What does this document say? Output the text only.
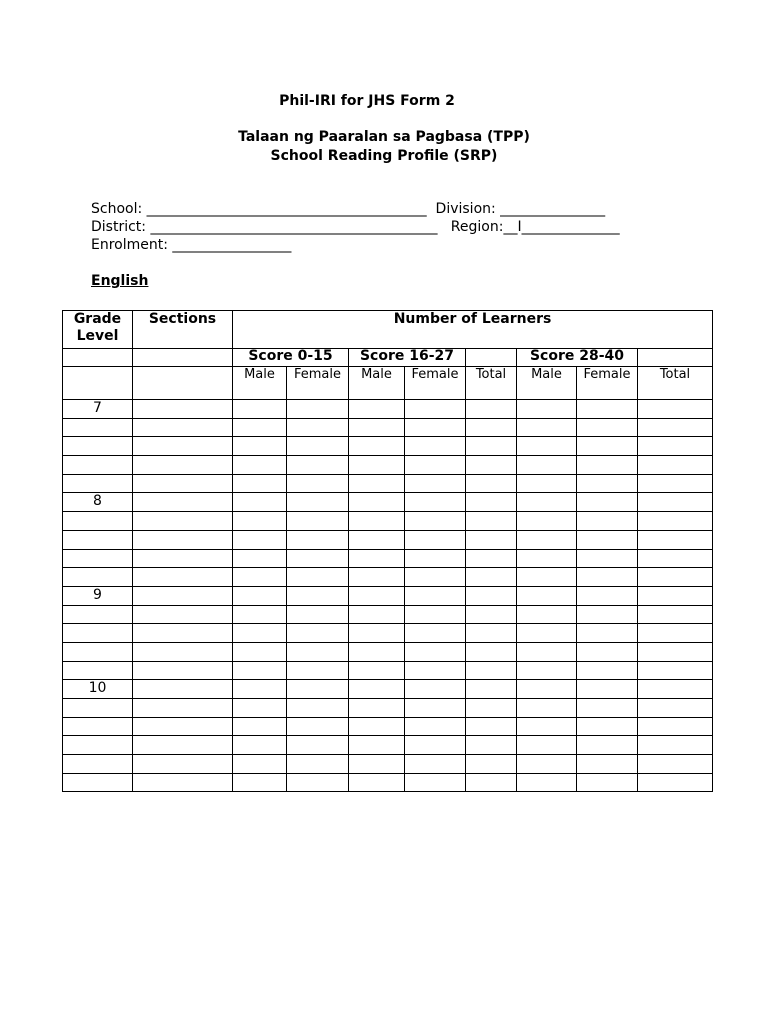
Phil-IRI for JHS Form 2
Talaan ng Paaralan sa Pagbasa (TPP)
School Reading Profile (SRP)
School: ________________________________________  Division: _______________
District: _________________________________________   Region:__I______________
Enrolment: _________________
English
Grade Level	Sections	Number of Learners							
		Score 0-15		Score 16-27			Score 28-40		
		Male	Female	Male	Female	Total	Male	Female	Total
7									

8									

9									

10									
